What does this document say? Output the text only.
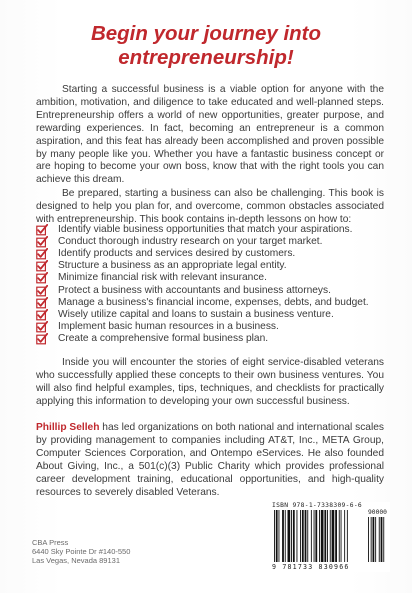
Begin your journey into
entrepreneurship!
Starting a successful business is a viable option for anyone with the ambition, motivation, and diligence to take educated and well-planned steps. Entrepreneurship offers a world of new opportunities, greater purpose, and rewarding experiences. In fact, becoming an entrepreneur is a common aspiration, and this feat has already been accomplished and proven possible by many people like you. Whether you have a fantastic business concept or are hoping to become your own boss, know that with the right tools you can achieve this dream.
Be prepared, starting a business can also be challenging. This book is designed to help you plan for, and overcome, common obstacles associated with entrepreneurship. This book contains in-depth lessons on how to:
Identify viable business opportunities that match your aspirations.
Conduct thorough industry research on your target market.
Identify products and services desired by customers.
Structure a business as an appropriate legal entity.
Minimize financial risk with relevant insurance.
Protect a business with accountants and business attorneys.
Manage a business's financial income, expenses, debts, and budget.
Wisely utilize capital and loans to sustain a business venture.
Implement basic human resources in a business.
Create a comprehensive formal business plan.
Inside you will encounter the stories of eight service-disabled veterans who successfully applied these concepts to their own business ventures. You will also find helpful examples, tips, techniques, and checklists for practically applying this information to developing your own successful business.
Phillip Selleh has led organizations on both national and international scales by providing management to companies including AT&T, Inc., META Group, Computer Sciences Corporation, and Ontempo eServices. He also founded About Giving, Inc., a 501(c)(3) Public Charity which provides professional career development training, educational opportunities, and high-quality resources to severely disabled Veterans.
CBA Press
6440 Sky Pointe Dr #140-550
Las Vegas, Nevada 89131
ISBN 978-1-7338309-6-6
90000
9 781733 830966
